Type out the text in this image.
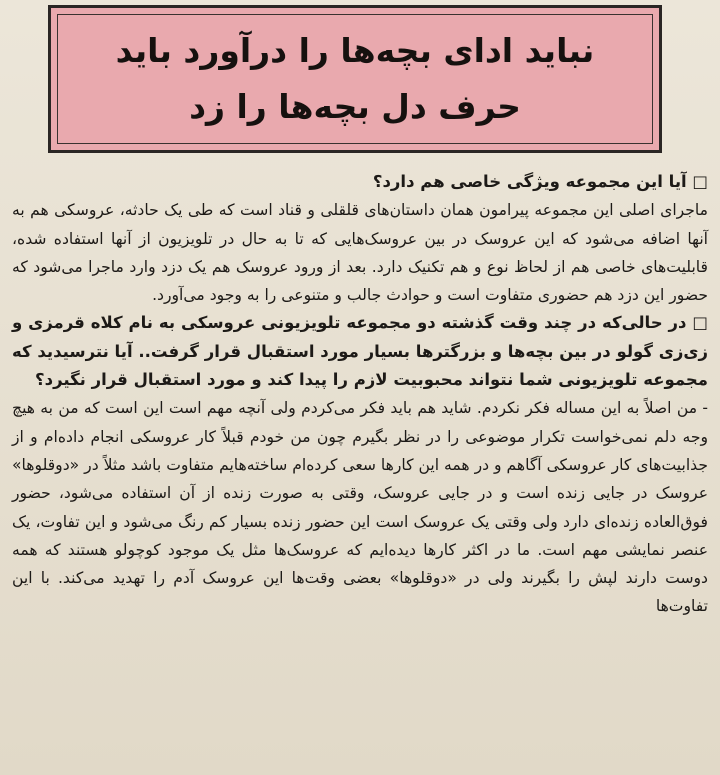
نباید ادای بچه‌ها را درآورد باید حرف دل بچه‌ها را زد

□ آیا این مجموعه ویژگی خاصی هم دارد؟

ماجرای اصلی این مجموعه پیرامون همان داستان‌های قلقلی و قناد است که طی یک حادثه، عروسکی هم به آنها اضافه می‌شود که این عروسک در بین عروسک‌هایی که تا به حال در تلویزیون از آنها استفاده شده، قابلیت‌های خاصی هم از لحاظ نوع و هم تکنیک دارد. بعد از ورود عروسک هم یک دزد وارد ماجرا می‌شود که حضور این دزد هم حضوری متفاوت است و حوادث جالب و متنوعی را به وجود می‌آورد.

□ در حالی‌که در چند وقت گذشته دو مجموعه تلویزیونی عروسکی به نام کلاه قرمزی و زی‌زی گولو در بین بچه‌ها و بزرگترها بسیار مورد استقبال قرار گرفت.. آیا نترسیدید که مجموعه تلویزیونی شما نتواند محبوبیت لازم را پیدا کند و مورد استقبال قرار نگیرد؟

- من اصلاً به این مساله فکر نکردم. شاید هم باید فکر می‌کردم ولی آنچه مهم است این است که من به هیچ وجه دلم نمی‌خواست تکرار موضوعی را در نظر بگیرم چون من خودم قبلاً کار عروسکی انجام داده‌ام و از جذابیت‌های کار عروسکی آگاهم و در همه این کارها سعی کرده‌ام ساخته‌هایم متفاوت باشد مثلاً در «دوقلوها» عروسک در جایی زنده است و در جایی عروسک، وقتی به صورت زنده از آن استفاده می‌شود، حضور فوق‌العاده زنده‌ای دارد ولی وقتی یک عروسک است این حضور زنده بسیار کم رنگ می‌شود و این تفاوت، یک عنصر نمایشی مهم است. ما در اکثر کارها دیده‌ایم که عروسک‌ها مثل یک موجود کوچولو هستند که همه دوست دارند لپش را بگیرند ولی در «دوقلوها» بعضی وقت‌ها این عروسک آدم را تهدید می‌کند. با این تفاوت‌ها
